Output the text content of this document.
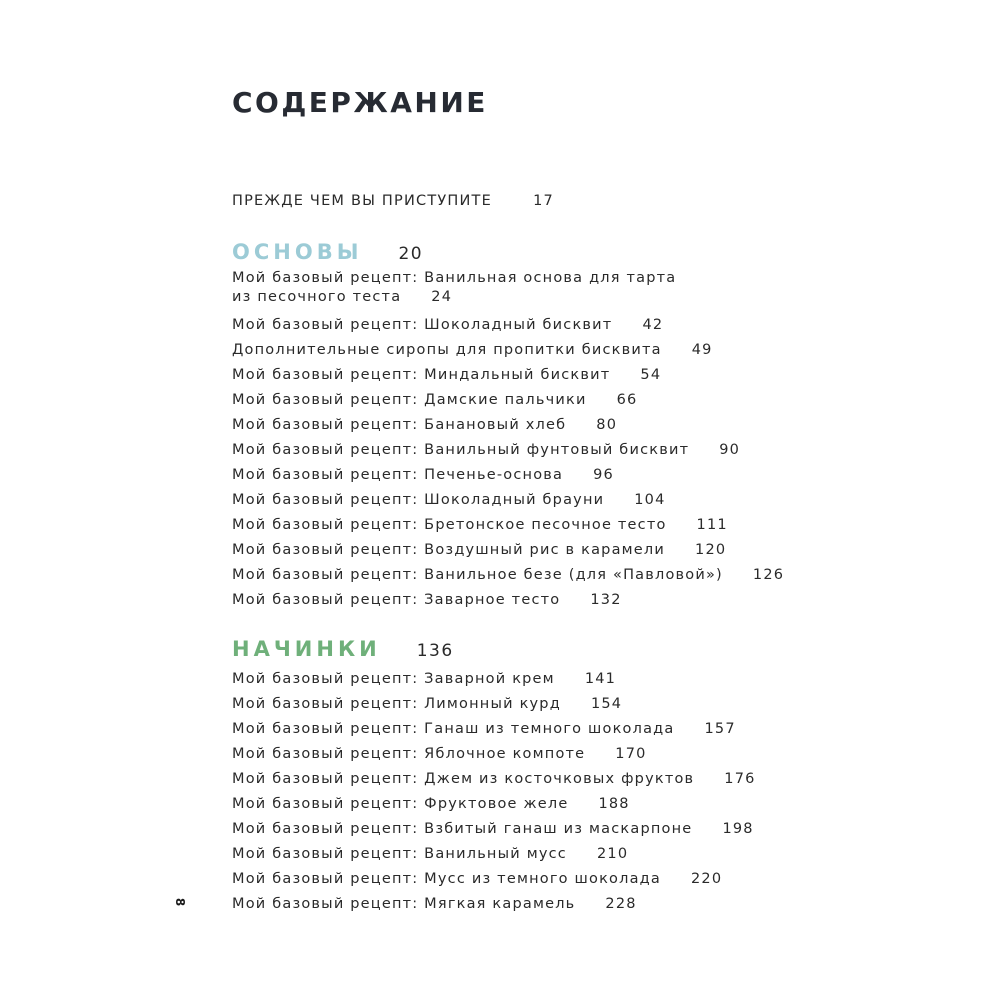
СОДЕРЖАНИЕ
ПРЕЖДЕ ЧЕМ ВЫ ПРИСТУПИТЕ	17
ОСНОВЫ 20
Мой базовый рецепт: Ванильная основа для тарта
из песочного теста 24
Мой базовый рецепт: Шоколадный бисквит 42
Дополнительные сиропы для пропитки бисквита 49
Мой базовый рецепт: Миндальный бисквит 54
Мой базовый рецепт: Дамские пальчики 66
Мой базовый рецепт: Банановый хлеб 80
Мой базовый рецепт: Ванильный фунтовый бисквит 90
Мой базовый рецепт: Печенье-основа 96
Мой базовый рецепт: Шоколадный брауни 104
Мой базовый рецепт: Бретонское песочное тесто 111
Мой базовый рецепт: Воздушный рис в карамели 120
Мой базовый рецепт: Ванильное безе (для «Павловой») 126
Мой базовый рецепт: Заварное тесто 132
НАЧИНКИ 136
Мой базовый рецепт: Заварной крем 141
Мой базовый рецепт: Лимонный курд 154
Мой базовый рецепт: Ганаш из темного шоколада 157
Мой базовый рецепт: Яблочное компоте 170
Мой базовый рецепт: Джем из косточковых фруктов 176
Мой базовый рецепт: Фруктовое желе 188
Мой базовый рецепт: Взбитый ганаш из маскарпоне 198
Мой базовый рецепт: Ванильный мусс 210
Мой базовый рецепт: Мусс из темного шоколада 220
Мой базовый рецепт: Мягкая карамель 228
8
